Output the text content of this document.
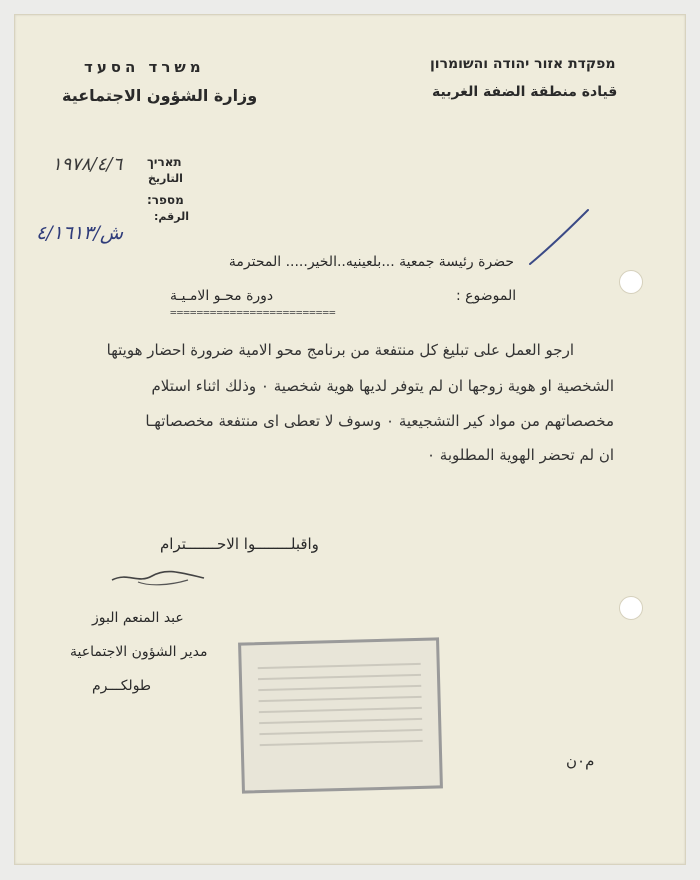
משרד הסעד
وزارة الشؤون الاجتماعية
מפקדת אזור יהודה והשומרון
قيادة منطقة الضفة الغربية
תאריך
التاريخ
١٩٧٨/٤/٦
מספר:
الرقم:
ش/٤/١٦١٣
حضرة رئيسة جمعية ...بلعينيه..الخير..... المحترمة
الموضوع :
دورة محـو الامـيـة
=========================
ارجو العمل على تبليغ كل منتفعة من برنامج محو الامية ضرورة احضار هويتها
الشخصية او هوية زوجها ان لم يتوفر لديها هوية شخصية ٠ وذلك اثناء استلام
مخصصاتهم من مواد كير التشجيعية ٠ وسوف لا تعطى اى منتفعة مخصصاتهـا
ان لم تحضر الهوية المطلوبة ٠
واقبلــــــــوا الاحـــــــترام
عبد المنعم البوز
مدير الشؤون الاجتماعية
طولكـــرم
م٠ن
